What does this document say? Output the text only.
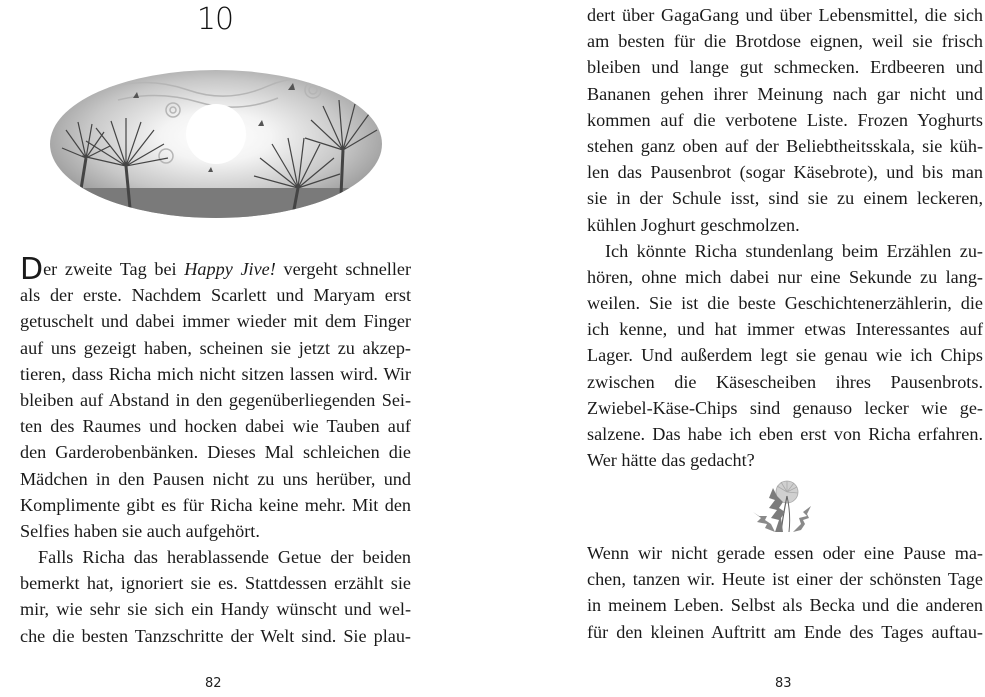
10
Der zweite Tag bei Happy Jive! vergeht schneller
als der erste. Nachdem Scarlett und Maryam erst
getuschelt und dabei immer wieder mit dem Finger
auf uns gezeigt haben, scheinen sie jetzt zu akzep-
tieren, dass Richa mich nicht sitzen lassen wird. Wir
bleiben auf Abstand in den gegenüberliegenden Sei-
ten des Raumes und hocken dabei wie Tauben auf
den Garderobenbänken. Dieses Mal schleichen die
Mädchen in den Pausen nicht zu uns herüber, und
Komplimente gibt es für Richa keine mehr. Mit den
Selfies haben sie auch aufgehört.
Falls Richa das herablassende Getue der beiden
bemerkt hat, ignoriert sie es. Stattdessen erzählt sie
mir, wie sehr sie sich ein Handy wünscht und wel-
che die besten Tanzschritte der Welt sind. Sie plau-
82
dert über GagaGang und über Lebensmittel, die sich
am besten für die Brotdose eignen, weil sie frisch
bleiben und lange gut schmecken. Erdbeeren und
Bananen gehen ihrer Meinung nach gar nicht und
kommen auf die verbotene Liste. Frozen Yoghurts
stehen ganz oben auf der Beliebtheitsskala, sie küh-
len das Pausenbrot (sogar Käsebrote), und bis man
sie in der Schule isst, sind sie zu einem leckeren,
kühlen Joghurt geschmolzen.
Ich könnte Richa stundenlang beim Erzählen zu-
hören, ohne mich dabei nur eine Sekunde zu lang-
weilen. Sie ist die beste Geschichtenerzählerin, die
ich kenne, und hat immer etwas Interessantes auf
Lager. Und außerdem legt sie genau wie ich Chips
zwischen die Käsescheiben ihres Pausenbrots.
Zwiebel-Käse-Chips sind genauso lecker wie ge-
salzene. Das habe ich eben erst von Richa erfahren.
Wer hätte das gedacht?
Wenn wir nicht gerade essen oder eine Pause ma-
chen, tanzen wir. Heute ist einer der schönsten Tage
in meinem Leben. Selbst als Becka und die anderen
für den kleinen Auftritt am Ende des Tages auftau-
83
